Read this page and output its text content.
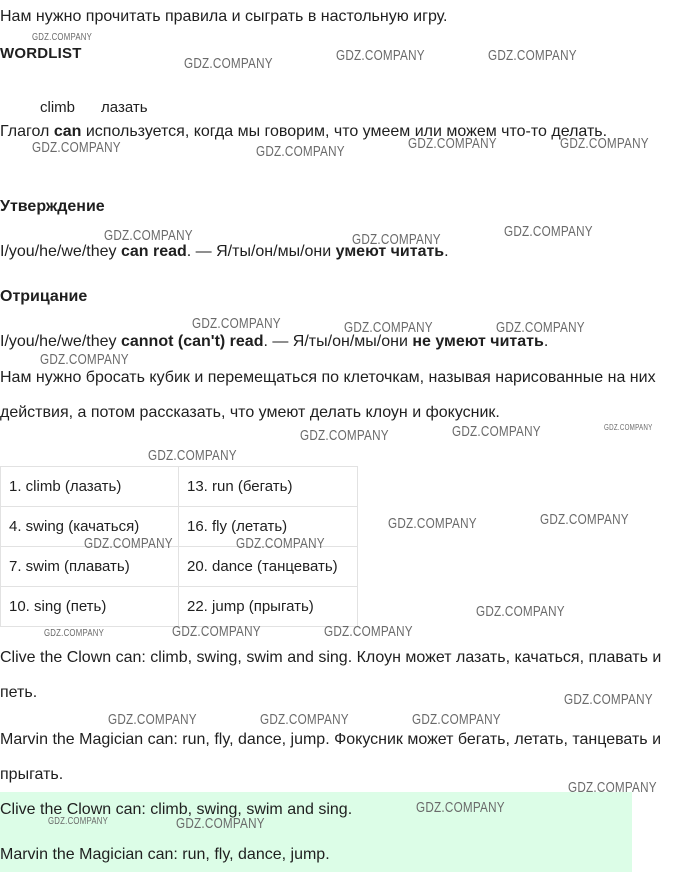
Нам нужно прочитать правила и сыграть в настольную игру.
WORDLIST
climb лазать
Глагол can используется, когда мы говорим, что умеем или можем что-то делать.
Утверждение
I/you/he/we/they can read. — Я/ты/он/мы/они умеют читать.
Отрицание
I/you/he/we/they cannot (can't) read. — Я/ты/он/мы/они не умеют читать.
Нам нужно бросать кубик и перемещаться по клеточкам, называя нарисованные на них действия, а потом рассказать, что умеют делать клоун и фокусник.
1. climb (лазать)	13. run (бегать)
4. swing (качаться)	16. fly (летать)
7. swim (плавать)	20. dance (танцевать)
10. sing (петь)	22. jump (прыгать)
Clive the Clown can: climb, swing, swim and sing. Клоун может лазать, качаться, плавать и петь.
Marvin the Magician can: run, fly, dance, jump. Фокусник может бегать, летать, танцевать и прыгать.
Clive the Clown can: climb, swing, swim and sing.
Marvin the Magician can: run, fly, dance, jump.
GDZ.COMPANY
GDZ.COMPANY	GDZ.COMPANY	GDZ.COMPANY
GDZ.COMPANY	GDZ.COMPANY	GDZ.COMPANY	GDZ.COMPANY
GDZ.COMPANY	GDZ.COMPANY	GDZ.COMPANY
GDZ.COMPANY	GDZ.COMPANY	GDZ.COMPANY
GDZ.COMPANY
GDZ.COMPANY	GDZ.COMPANY	GDZ.COMPANY
GDZ.COMPANY
GDZ.COMPANY	GDZ.COMPANY
GDZ.COMPANY	GDZ.COMPANY
GDZ.COMPANY
GDZ.COMPANY	GDZ.COMPANY	GDZ.COMPANY
GDZ.COMPANY
GDZ.COMPANY	GDZ.COMPANY	GDZ.COMPANY
GDZ.COMPANY
GDZ.COMPANY
GDZ.COMPANY	GDZ.COMPANY
